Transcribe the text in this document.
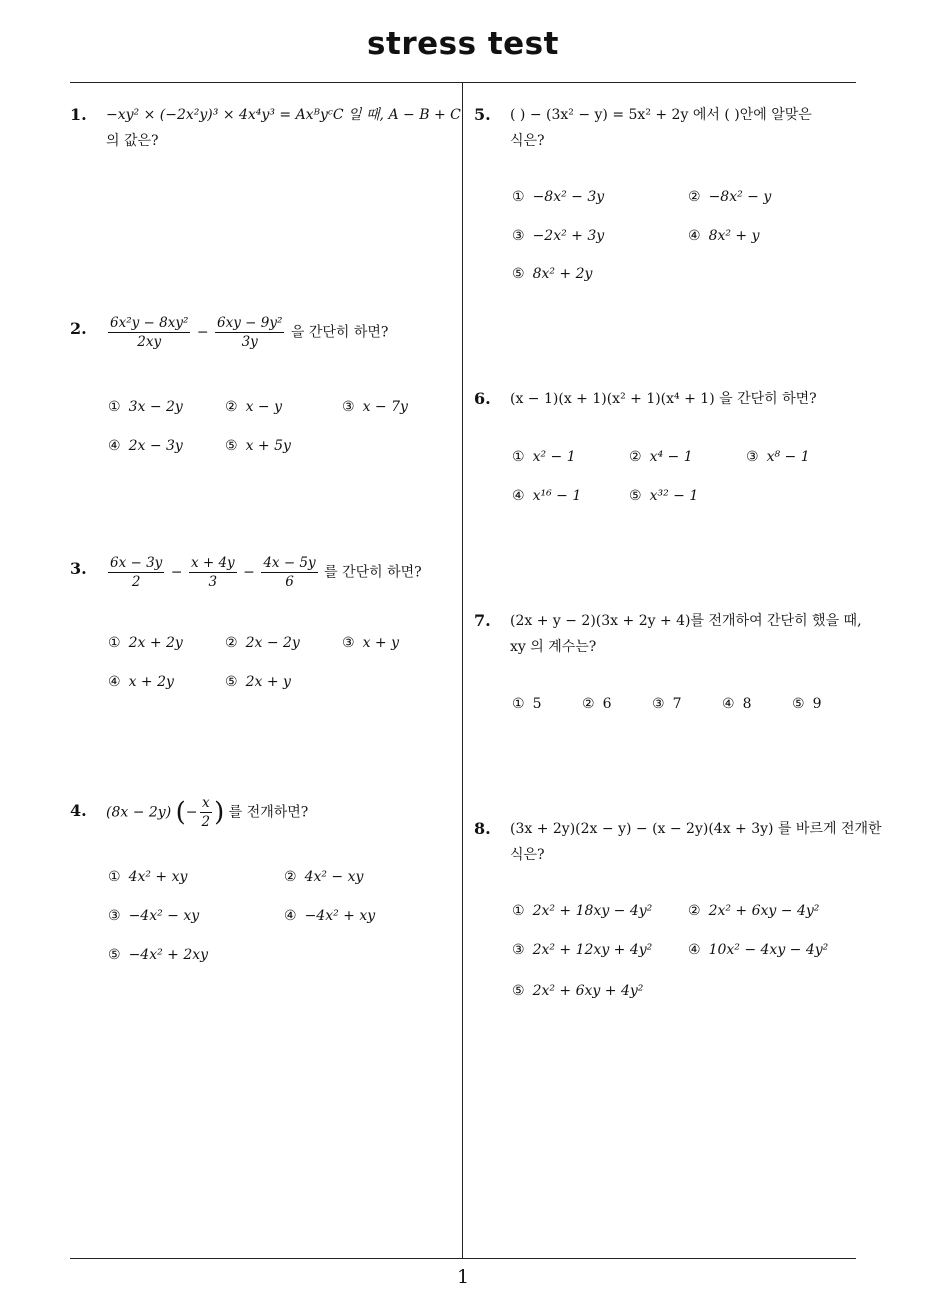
stress test
1
1. −xy² × (−2x²y)³ × 4x⁴y³ = AxᴮyᶜC 일 때, A − B + C
의 값은?
2. $\frac{\text{6x²y − 8xy²}}{2xy} - \frac{\text{6xy − 9y²}}{3y}$ 을 간단히 하면?
① 3x − 2y	② x − y	③ x − 7y
④ 2x − 3y	⑤ x + 5y
3. $\frac{6x - 3y}{2} - \frac{x + 4y}{3} - \frac{4x - 5y}{6}$ 를 간단히 하면?
① 2x + 2y	② 2x − 2y	③ x + y
④ x + 2y	⑤ 2x + y
4. (8x − 2y) (− $\frac{x}{2}$ ) 를 전개하면?
① 4x² + xy	② 4x² − xy
③ −4x² − xy	④ −4x² + xy
⑤ −4x² + 2xy
5. ( ) − (3x² − y) = 5x² + 2y 에서 ( )안에 알맞은
식은?
① −8x² − 3y	② −8x² − y
③ −2x² + 3y	④ 8x² + y
⑤ 8x² + 2y
6. (x − 1)(x + 1)(x² + 1)(x⁴ + 1) 을 간단히 하면?
① x² − 1	② x⁴ − 1	③ x⁸ − 1
④ x¹⁶ − 1	⑤ x³² − 1
7. (2x + y − 2)(3x + 2y + 4)를 전개하여 간단히 했을 때,
xy 의 계수는?
① 5	② 6	③ 7	④ 8	⑤ 9
8. (3x + 2y)(2x − y) − (x − 2y)(4x + 3y) 를 바르게 전개한
식은?
① 2x² + 18xy − 4y²	② 2x² + 6xy − 4y²
③ 2x² + 12xy + 4y²	④ 10x² − 4xy − 4y²
⑤ 2x² + 6xy + 4y²
